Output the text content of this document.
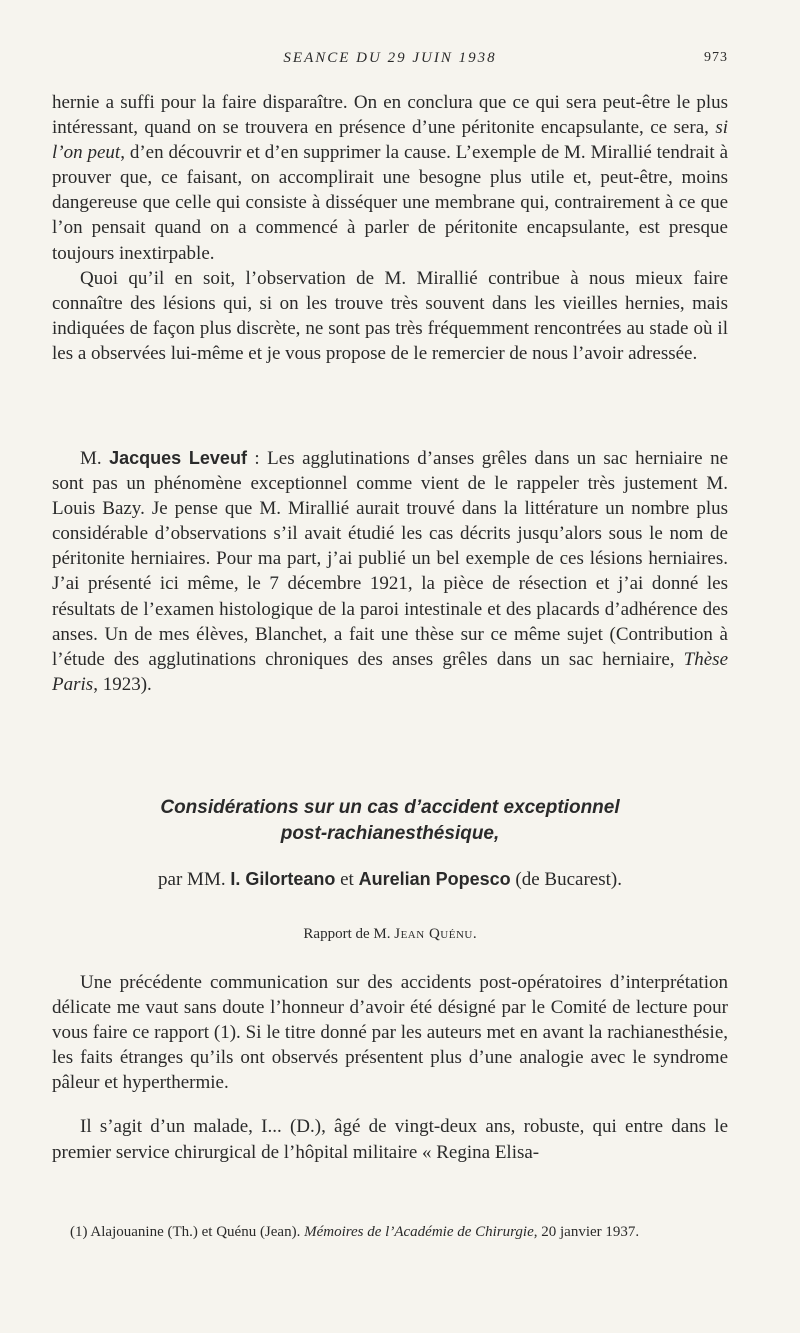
SEANCE DU 29 JUIN 1938	973

hernie a suffi pour la faire disparaître. On en conclura que ce qui sera peut-être le plus intéressant, quand on se trouvera en présence d’une péritonite encapsulante, ce sera, si l’on peut, d’en découvrir et d’en supprimer la cause. L’exemple de M. Mirallié tendrait à prouver que, ce faisant, on accomplirait une besogne plus utile et, peut-être, moins dangereuse que celle qui consiste à disséquer une membrane qui, contrairement à ce que l’on pensait quand on a commencé à parler de péritonite encapsulante, est presque toujours inextirpable.

Quoi qu’il en soit, l’observation de M. Mirallié contribue à nous mieux faire connaître des lésions qui, si on les trouve très souvent dans les vieilles hernies, mais indiquées de façon plus discrète, ne sont pas très fréquemment rencontrées au stade où il les a observées lui-même et je vous propose de le remercier de nous l’avoir adressée.

M. Jacques Leveuf : Les agglutinations d’anses grêles dans un sac herniaire ne sont pas un phénomène exceptionnel comme vient de le rappeler très justement M. Louis Bazy. Je pense que M. Mirallié aurait trouvé dans la littérature un nombre plus considérable d’observations s’il avait étudié les cas décrits jusqu’alors sous le nom de péritonite herniaires. Pour ma part, j’ai publié un bel exemple de ces lésions herniaires. J’ai présenté ici même, le 7 décembre 1921, la pièce de résection et j’ai donné les résultats de l’examen histologique de la paroi intestinale et des placards d’adhérence des anses. Un de mes élèves, Blanchet, a fait une thèse sur ce même sujet (Contribution à l’étude des agglutinations chroniques des anses grêles dans un sac herniaire, Thèse Paris, 1923).

Considérations sur un cas d’accident exceptionnel
post-rachianesthésique,
par MM. I. Gilorteano et Aurelian Popesco (de Bucarest).
Rapport de M. Jean Quénu.

Une précédente communication sur des accidents post-opératoires d’interprétation délicate me vaut sans doute l’honneur d’avoir été désigné par le Comité de lecture pour vous faire ce rapport (1). Si le titre donné par les auteurs met en avant la rachianesthésie, les faits étranges qu’ils ont observés présentent plus d’une analogie avec le syndrome pâleur et hyperthermie.

Il s’agit d’un malade, I... (D.), âgé de vingt-deux ans, robuste, qui entre dans le premier service chirurgical de l’hôpital militaire « Regina Elisa-

(1) Alajouanine (Th.) et Quénu (Jean). Mémoires de l’Académie de Chirurgie, 20 janvier 1937.
